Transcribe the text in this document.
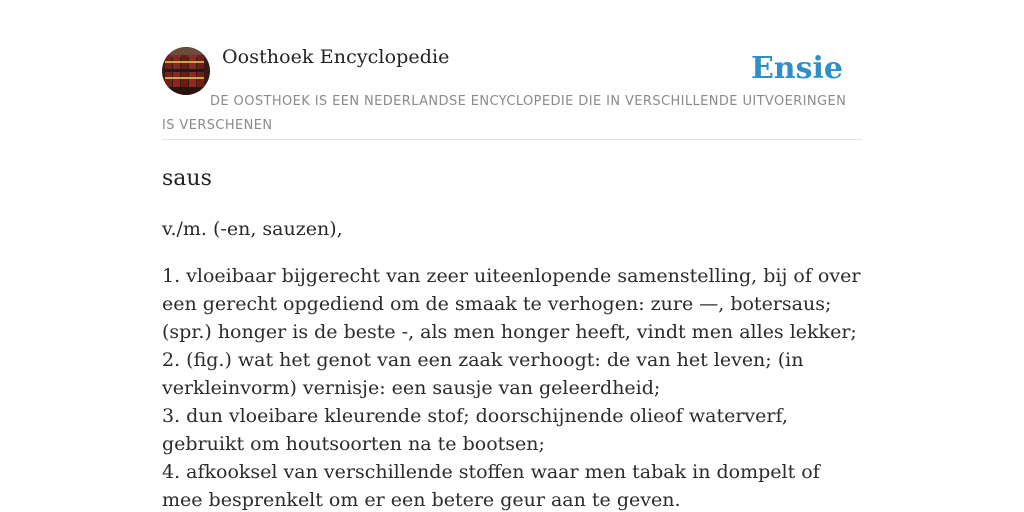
Oosthoek Encyclopedie	Ensie
DE OOSTHOEK IS EEN NEDERLANDSE ENCYCLOPEDIE DIE IN VERSCHILLENDE UITVOERINGEN IS VERSCHENEN
saus

v./m. (-en, sauzen),

1. vloeibaar bijgerecht van zeer uiteenlopende samenstelling, bij of over een gerecht opgediend om de smaak te verhogen: zure —, botersaus; (spr.) honger is de beste -, als men honger heeft, vindt men alles lekker;
2. (fig.) wat het genot van een zaak verhoogt: de van het leven; (in verkleinvorm) vernisje: een sausje van geleerdheid;
3. dun vloeibare kleurende stof; doorschijnende olieof waterverf, gebruikt om houtsoorten na te bootsen;
4. afkooksel van verschillende stoffen waar men tabak in dompelt of mee besprenkelt om er een betere geur aan te geven.
